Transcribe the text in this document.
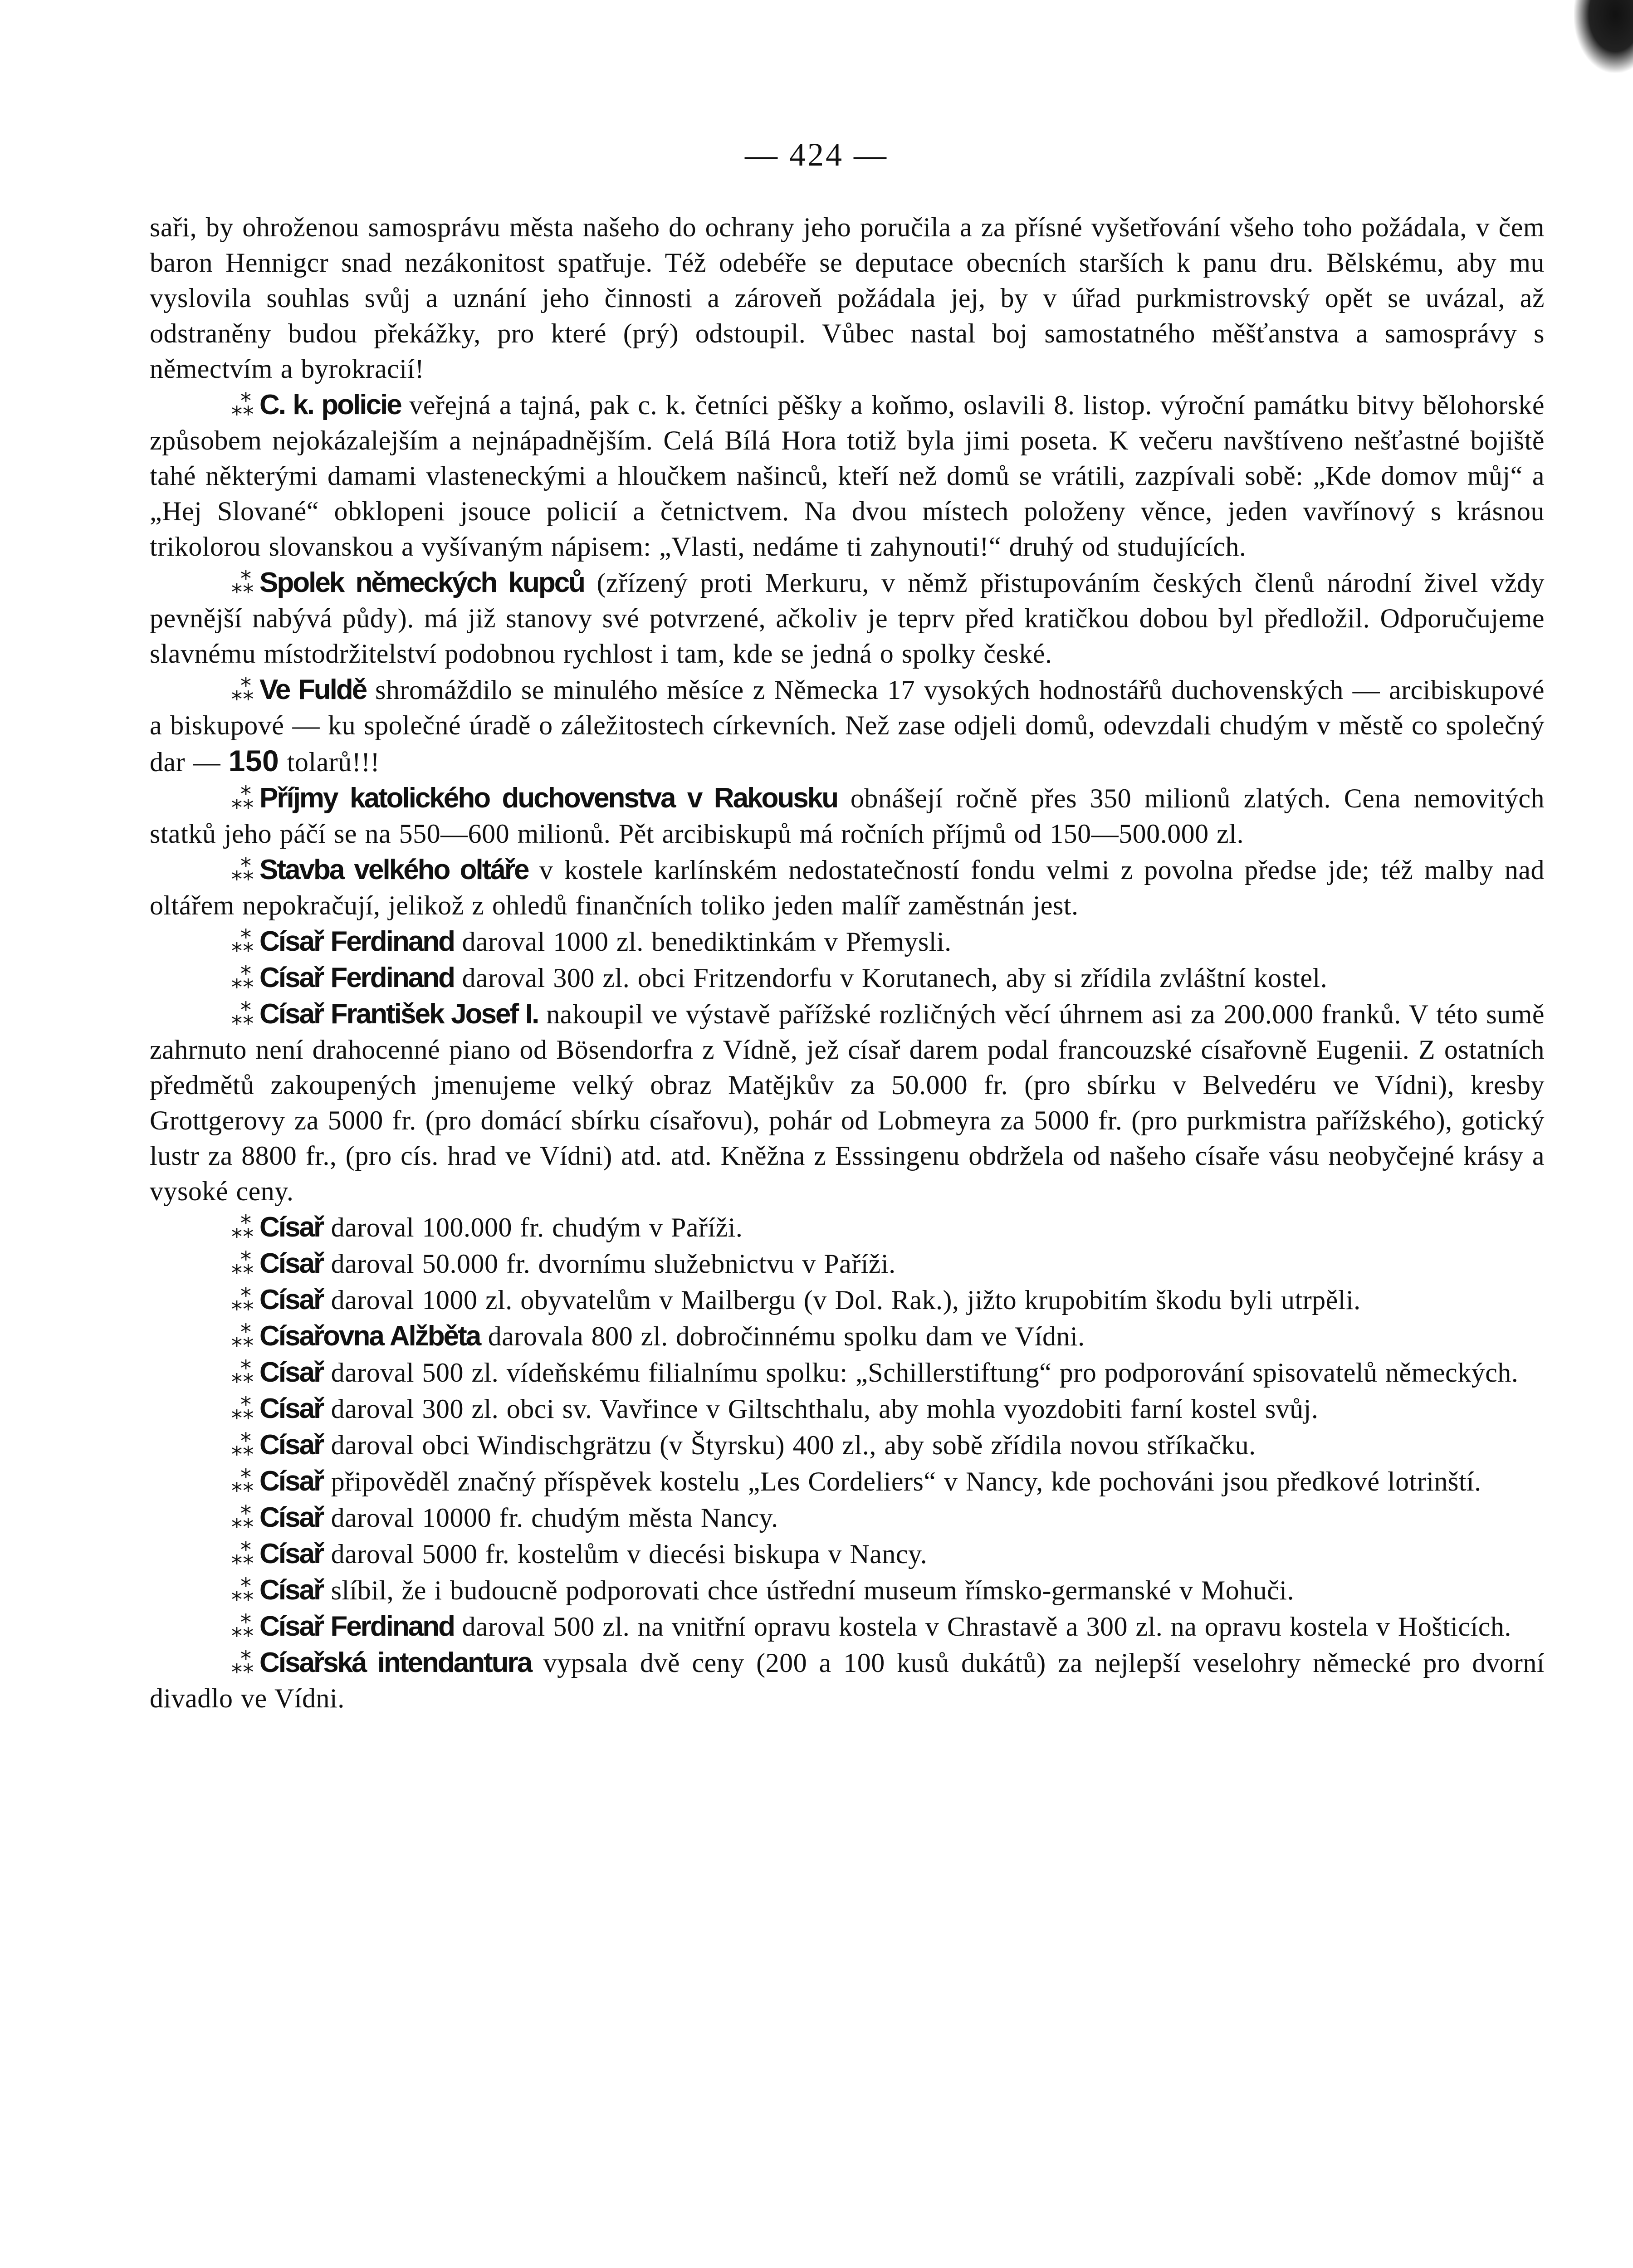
— 424 —

saři, by ohroženou samosprávu města našeho do ochrany jeho poručila a za přísné vyšetřování všeho toho požádala, v čem baron Hennigcr snad nezákonitost spatřuje. Též odebéře se deputace obecních starších k panu dru. Bělskému, aby mu vyslovila souhlas svůj a uznání jeho činnosti a zároveň požádala jej, by v úřad purkmistrovský opět se uvázal, až odstraněny budou překážky, pro které (prý) odstoupil. Vůbec nastal boj samostatného měšťanstva a samosprávy s němectvím a byrokracií!

* * *C. k. policie veřejná a tajná, pak c. k. četníci pěšky a koňmo, oslavili 8. listop. výroční památku bitvy bělohorské způsobem nejokázalejším a nejnápadnějším. Celá Bílá Hora totiž byla jimi poseta. K večeru navštíveno nešťastné bojiště tahé některými damami vlasteneckými a hloučkem našinců, kteří než domů se vrátili, zazpívali sobě: „Kde domov můj“ a „Hej Slované“ obklopeni jsouce policií a četnictvem. Na dvou místech položeny věnce, jeden vavřínový s krásnou trikolorou slovanskou a vyšívaným nápisem: „Vlasti, nedáme ti zahynouti!“ druhý od studujících.

* * *Spolek německých kupců (zřízený proti Merkuru, v němž přistupováním českých členů národní živel vždy pevnější nabývá půdy). má již stanovy své potvrzené, ačkoliv je teprv před kratičkou dobou byl předložil. Odporučujeme slavnému místodržitelství podobnou rychlost i tam, kde se jedná o spolky české.

* * *Ve Fuldě shromáždilo se minulého měsíce z Německa 17 vysokých hodnostářů duchovenských — arcibiskupové a biskupové — ku společné úradě o záležitostech církevních. Než zase odjeli domů, odevzdali chudým v městě co společný dar — 150 tolarů!!!

* * *Příjmy katolického duchovenstva v Rakousku obnášejí ročně přes 350 milionů zlatých. Cena nemovitých statků jeho páčí se na 550—600 milionů. Pět arcibiskupů má ročních příjmů od 150—500.000 zl.

* * *Stavba velkého oltáře v kostele karlínském nedostatečností fondu velmi z povolna předse jde; též malby nad oltářem nepokračují, jelikož z ohledů finančních toliko jeden malíř zaměstnán jest.

* * *Císař Ferdinand daroval 1000 zl. benediktinkám v Přemysli.

* * *Císař Ferdinand daroval 300 zl. obci Fritzendorfu v Korutanech, aby si zřídila zvláštní kostel.

* * *Císař František Josef I. nakoupil ve výstavě pařížské rozličných věcí úhrnem asi za 200.000 franků. V této sumě zahrnuto není drahocenné piano od Bösendorfra z Vídně, jež císař darem podal francouzské císařovně Eugenii. Z ostatních předmětů zakoupených jmenujeme velký obraz Matějkův za 50.000 fr. (pro sbírku v Belvedéru ve Vídni), kresby Grottgerovy za 5000 fr. (pro domácí sbírku císařovu), pohár od Lobmeyra za 5000 fr. (pro purkmistra pařížského), gotický lustr za 8800 fr., (pro cís. hrad ve Vídni) atd. atd. Kněžna z Esssingenu obdržela od našeho císaře vásu neobyčejné krásy a vysoké ceny.

* * *Císař daroval 100.000 fr. chudým v Paříži.

* * *Císař daroval 50.000 fr. dvornímu služebnictvu v Paříži.

* * *Císař daroval 1000 zl. obyvatelům v Mailbergu (v Dol. Rak.), jižto krupobitím škodu byli utrpěli.

* * *Císařovna Alžběta darovala 800 zl. dobročinnému spolku dam ve Vídni.

* * *Císař daroval 500 zl. vídeňskému filialnímu spolku: „Schillerstiftung“ pro podporování spisovatelů německých.

* * *Císař daroval 300 zl. obci sv. Vavřince v Giltschthalu, aby mohla vyozdobiti farní kostel svůj.

* * *Císař daroval obci Windischgrätzu (v Štyrsku) 400 zl., aby sobě zřídila novou stříkačku.

* * *Císař připověděl značný příspěvek kostelu „Les Cordeliers“ v Nancy, kde pochováni jsou předkové lotrinští.

* * *Císař daroval 10000 fr. chudým města Nancy.

* * *Císař daroval 5000 fr. kostelům v diecési biskupa v Nancy.

* * *Císař slíbil, že i budoucně podporovati chce ústřední museum římsko-germanské v Mohuči.

* * *Císař Ferdinand daroval 500 zl. na vnitřní opravu kostela v Chrastavě a 300 zl. na opravu kostela v Hošticích.

* * *Císařská intendantura vypsala dvě ceny (200 a 100 kusů dukátů) za nejlepší veselohry německé pro dvorní divadlo ve Vídni.
